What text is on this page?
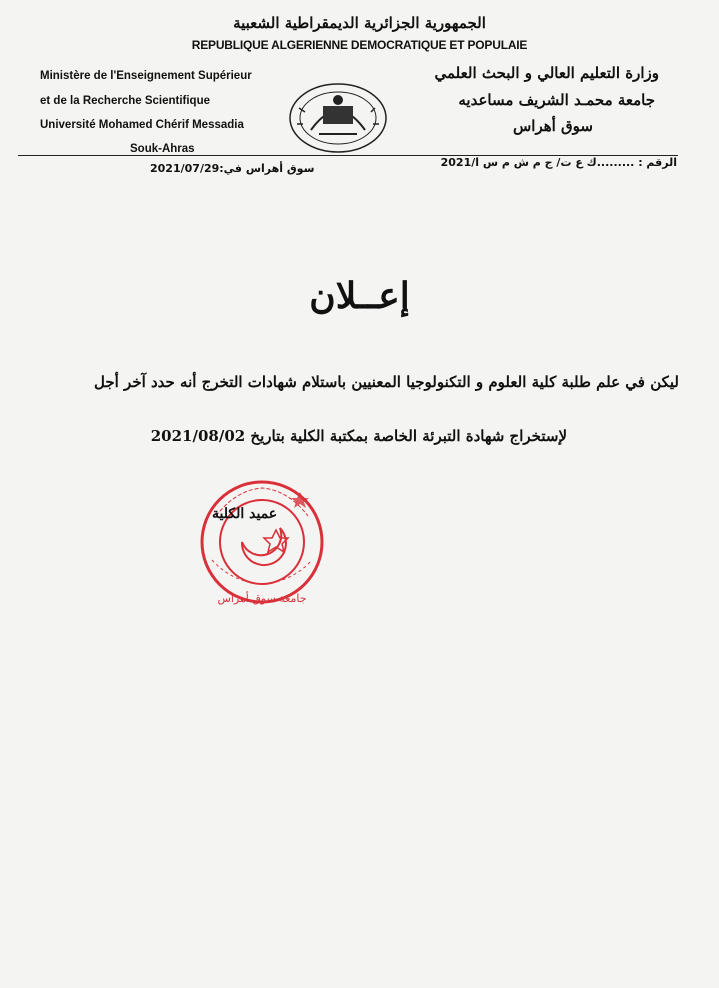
الجمهورية الجزائرية الديمقراطية الشعبية
REPUBLIQUE ALGERIENNE DEMOCRATIQUE ET POPULAIE
Ministère de l'Enseignement Supérieur
et de la Recherche Scientifique
Université Mohamed Chérif Messadia
Souk-Ahras
وزارة التعليم العالي و البحث العلمي
جامعة محمـد الشريف مساعديه
سوق أهراس
سوق أهراس في:2021/07/29	الرقم : .........ك ع ت/ ج م ش م س ا/2021
إعــلان
ليكن في علم طلبة كلية العلوم و التكنولوجيا المعنيين باستلام شهادات التخرج أنه حدد آخر أجل
لإستخراج شهادة التبرئة الخاصة بمكتبة الكلية بتاريخ 2021/08/02
جامعة سوق أهراس
عميد الكلية
